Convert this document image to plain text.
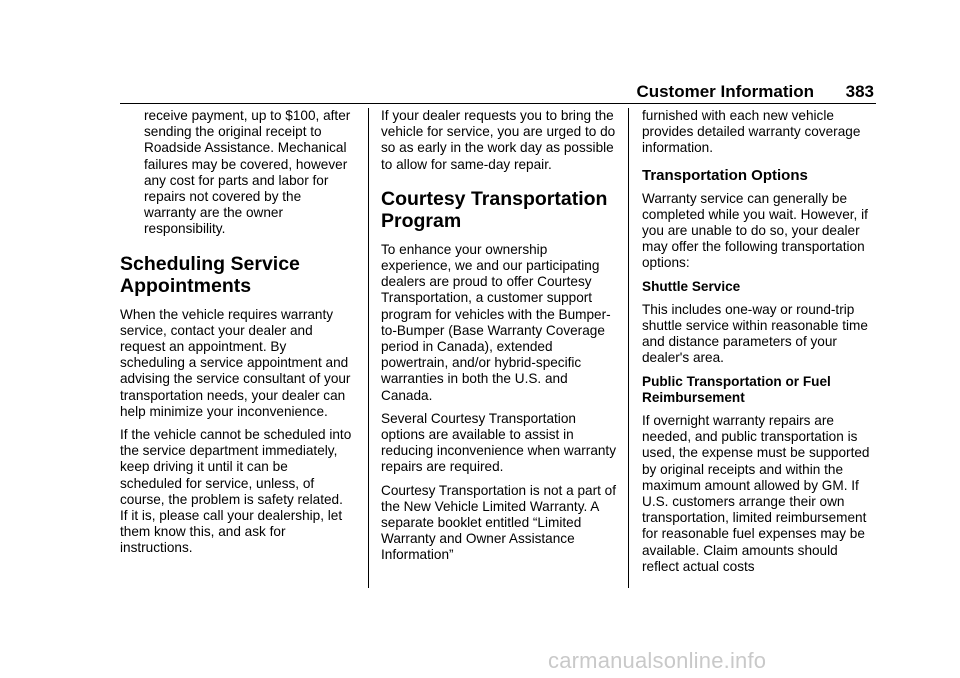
Customer Information 383

receive payment, up to $100, after sending the original receipt to Roadside Assistance. Mechanical failures may be covered, however any cost for parts and labor for repairs not covered by the warranty are the owner responsibility.

Scheduling Service Appointments

When the vehicle requires warranty service, contact your dealer and request an appointment. By scheduling a service appointment and advising the service consultant of your transportation needs, your dealer can help minimize your inconvenience.

If the vehicle cannot be scheduled into the service department immediately, keep driving it until it can be scheduled for service, unless, of course, the problem is safety related. If it is, please call your dealership, let them know this, and ask for instructions.

If your dealer requests you to bring the vehicle for service, you are urged to do so as early in the work day as possible to allow for same-day repair.

Courtesy Transportation Program

To enhance your ownership experience, we and our participating dealers are proud to offer Courtesy Transportation, a customer support program for vehicles with the Bumper-to-Bumper (Base Warranty Coverage period in Canada), extended powertrain, and/or hybrid-specific warranties in both the U.S. and Canada.

Several Courtesy Transportation options are available to assist in reducing inconvenience when warranty repairs are required.

Courtesy Transportation is not a part of the New Vehicle Limited Warranty. A separate booklet entitled “Limited Warranty and Owner Assistance Information”

furnished with each new vehicle provides detailed warranty coverage information.

Transportation Options

Warranty service can generally be completed while you wait. However, if you are unable to do so, your dealer may offer the following transportation options:

Shuttle Service

This includes one-way or round-trip shuttle service within reasonable time and distance parameters of your dealer's area.

Public Transportation or Fuel Reimbursement

If overnight warranty repairs are needed, and public transportation is used, the expense must be supported by original receipts and within the maximum amount allowed by GM. If U.S. customers arrange their own transportation, limited reimbursement for reasonable fuel expenses may be available. Claim amounts should reflect actual costs

carmanualsonline.info
